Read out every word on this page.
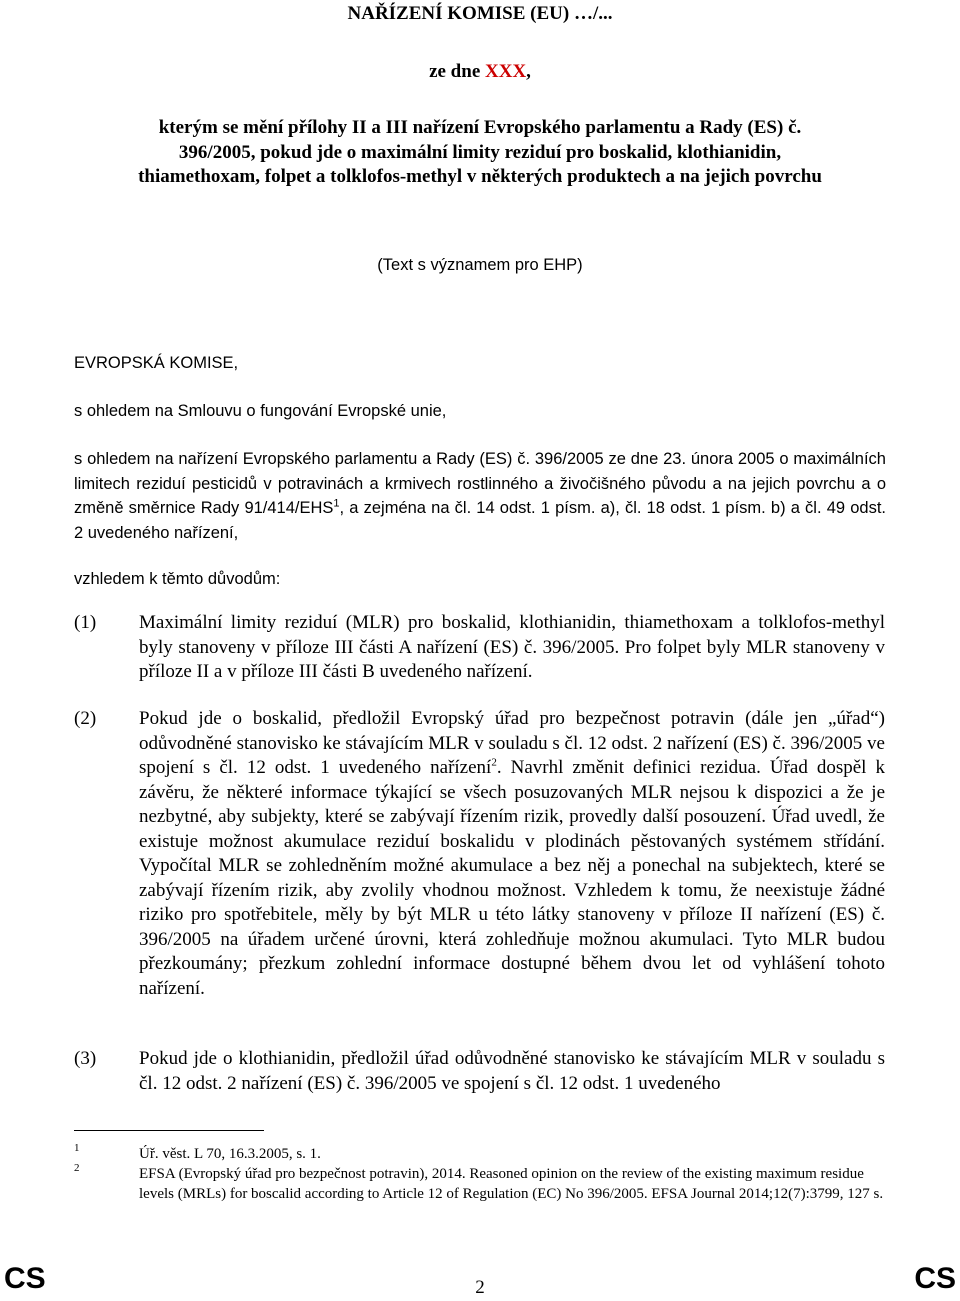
NAŘÍZENÍ KOMISE (EU) …/...
ze dne XXX,
kterým se mění přílohy II a III nařízení Evropského parlamentu a Rady (ES) č.
396/2005, pokud jde o maximální limity reziduí pro boskalid, klothianidin,
thiamethoxam, folpet a tolklofos-methyl v některých produktech a na jejich povrchu
(Text s významem pro EHP)
EVROPSKÁ KOMISE,
s ohledem na Smlouvu o fungování Evropské unie,
s ohledem na nařízení Evropského parlamentu a Rady (ES) č. 396/2005 ze dne 23. února 2005 o maximálních limitech reziduí pesticidů v potravinách a krmivech rostlinného a živočišného původu a na jejich povrchu a o změně směrnice Rady 91/414/EHS$^1$, a zejména na čl. 14 odst. 1 písm. a), čl. 18 odst. 1 písm. b) a čl. 49 odst. 2 uvedeného nařízení,
vzhledem k těmto důvodům:
(1) Maximální limity reziduí (MLR) pro boskalid, klothianidin, thiamethoxam a tolklofos-methyl byly stanoveny v příloze III části A nařízení (ES) č. 396/2005. Pro folpet byly MLR stanoveny v příloze II a v příloze III části B uvedeného nařízení.
(2) Pokud jde o boskalid, předložil Evropský úřad pro bezpečnost potravin (dále jen „úřad“) odůvodněné stanovisko ke stávajícím MLR v souladu s čl. 12 odst. 2 nařízení (ES) č. 396/2005 ve spojení s čl. 12 odst. 1 uvedeného nařízení$^2$. Navrhl změnit definici rezidua. Úřad dospěl k závěru, že některé informace týkající se všech posuzovaných MLR nejsou k dispozici a že je nezbytné, aby subjekty, které se zabývají řízením rizik, provedly další posouzení. Úřad uvedl, že existuje možnost akumulace reziduí boskalidu v plodinách pěstovaných systémem střídání. Vypočítal MLR se zohledněním možné akumulace a bez něj a ponechal na subjektech, které se zabývají řízením rizik, aby zvolily vhodnou možnost. Vzhledem k tomu, že neexistuje žádné riziko pro spotřebitele, měly by být MLR u této látky stanoveny v příloze II nařízení (ES) č. 396/2005 na úřadem určené úrovni, která zohledňuje možnou akumulaci. Tyto MLR budou přezkoumány; přezkum zohlední informace dostupné během dvou let od vyhlášení tohoto nařízení.
(3) Pokud jde o klothianidin, předložil úřad odůvodněné stanovisko ke stávajícím MLR v souladu s čl. 12 odst. 2 nařízení (ES) č. 396/2005 ve spojení s čl. 12 odst. 1 uvedeného
1	Úř. věst. L 70, 16.3.2005, s. 1.
2	EFSA (Evropský úřad pro bezpečnost potravin), 2014. Reasoned opinion on the review of the existing maximum residue levels (MRLs) for boscalid according to Article 12 of Regulation (EC) No 396/2005. EFSA Journal 2014;12(7):3799, 127 s.
CS	2	CS
